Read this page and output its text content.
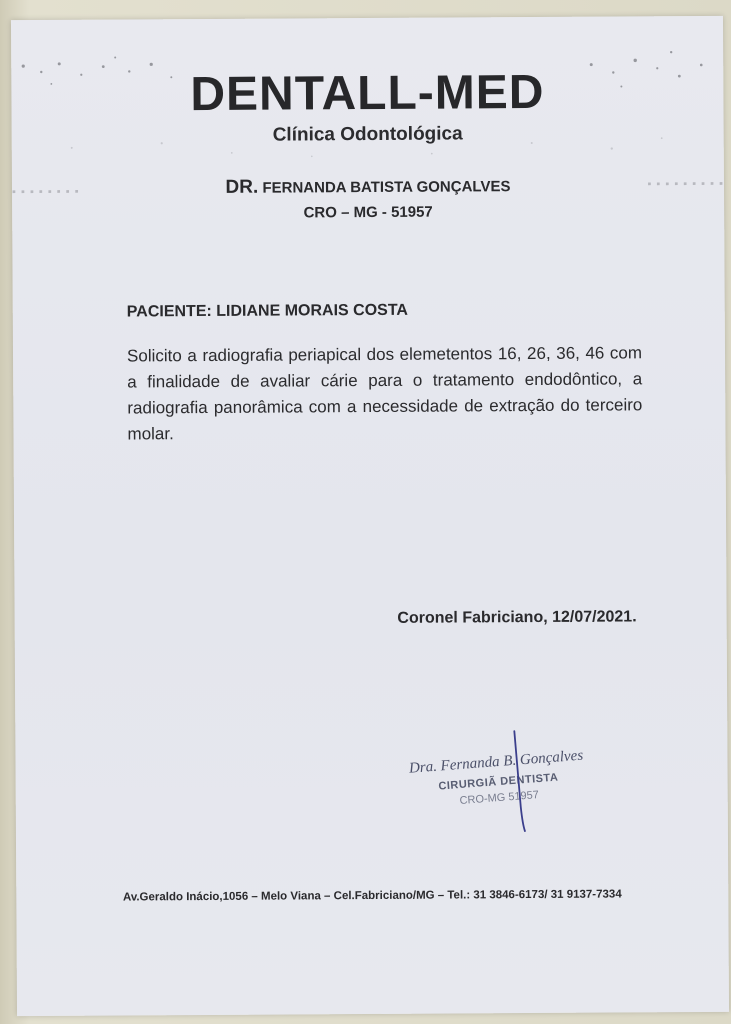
DENTALL-MED
Clínica Odontológica
▪ ▪ ▪ ▪ ▪ ▪ ▪ ▪
▪ ▪ ▪ ▪ ▪ ▪ ▪ ▪ ▪
DR. FERNANDA BATISTA GONÇALVES
CRO – MG - 51957
PACIENTE: LIDIANE MORAIS COSTA

Solicito a radiografia periapical dos elemetentos 16, 26, 36, 46 com a finalidade de avaliar cárie para o tratamento endodôntico, a radiografia panorâmica com a necessidade de extração do terceiro molar.

Coronel Fabriciano, 12/07/2021.
Dra. Fernanda B. Gonçalves
CIRURGIÃ DENTISTA
CRO-MG 51957
Av.Geraldo Inácio,1056 – Melo Viana – Cel.Fabriciano/MG – Tel.: 31 3846-6173/ 31 9137-7334
